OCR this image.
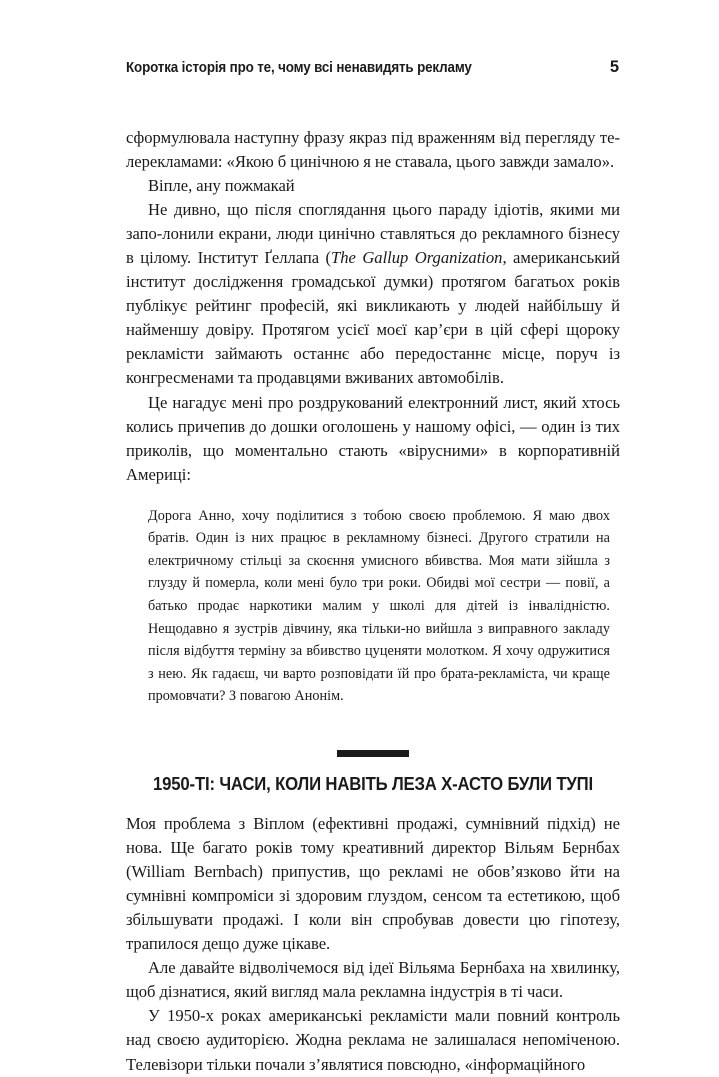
Коротка історія про те, чому всі ненавидять рекламу	5

сформулювала наступну фразу якраз під враженням від перегляду те-лерекламами: «Якою б цинічною я не ставала, цього завжди замало».

Віпле, ану пожмакай

Не дивно, що після споглядання цього параду ідіотів, якими ми запо-лонили екрани, люди цинічно ставляться до рекламного бізнесу в цілому. Інститут Ґеллапа (The Gallup Organization, американський інститут дослідження громадської думки) протягом багатьох років публікує рейтинг професій, які викликають у людей найбільшу й найменшу довіру. Протягом усієї моєї кар’єри в цій сфері щороку рекламісти займають останнє або передостаннє місце, поруч із конгресменами та продавцями вживаних автомобілів.

Це нагадує мені про роздрукований електронний лист, який хтось колись причепив до дошки оголошень у нашому офісі, — один із тих приколів, що моментально стають «вірусними» в корпоративній Америці:

Дорога Анно, хочу поділитися з тобою своєю проблемою. Я маю двох братів. Один із них працює в рекламному бізнесі. Другого стратили на електричному стільці за скоєння умисного вбивства. Моя мати зійшла з глузду й померла, коли мені було три роки. Обидві мої сестри — повії, а батько продає наркотики малим у школі для дітей із інвалідністю. Нещодавно я зустрів дівчину, яка тільки-но вийшла з виправного закладу після відбуття терміну за вбивство цуценяти молотком. Я хочу одружитися з нею. Як гадаєш, чи варто розповідати їй про брата-рекламіста, чи краще промовчати? З повагою Анонім.
1950-ТІ: ЧАСИ, КОЛИ НАВІТЬ ЛЕЗА Х-АСТО БУЛИ ТУПІ

Моя проблема з Віплом (ефективні продажі, сумнівний підхід) не нова. Ще багато років тому креативний директор Вільям Бернбах (William Bernbach) припустив, що рекламі не обов’язково йти на сумнівні компроміси зі здоровим глуздом, сенсом та естетикою, щоб збільшувати продажі. І коли він спробував довести цю гіпотезу, трапилося дещо дуже цікаве.

Але давайте відволічемося від ідеї Вільяма Бернбаха на хвилинку, щоб дізнатися, який вигляд мала рекламна індустрія в ті часи.

У 1950-х роках американські рекламісти мали повний контроль над своєю аудиторією. Жодна реклама не залишалася непоміченою. Телевізори тільки почали з’являтися повсюдно, «інформаційного
